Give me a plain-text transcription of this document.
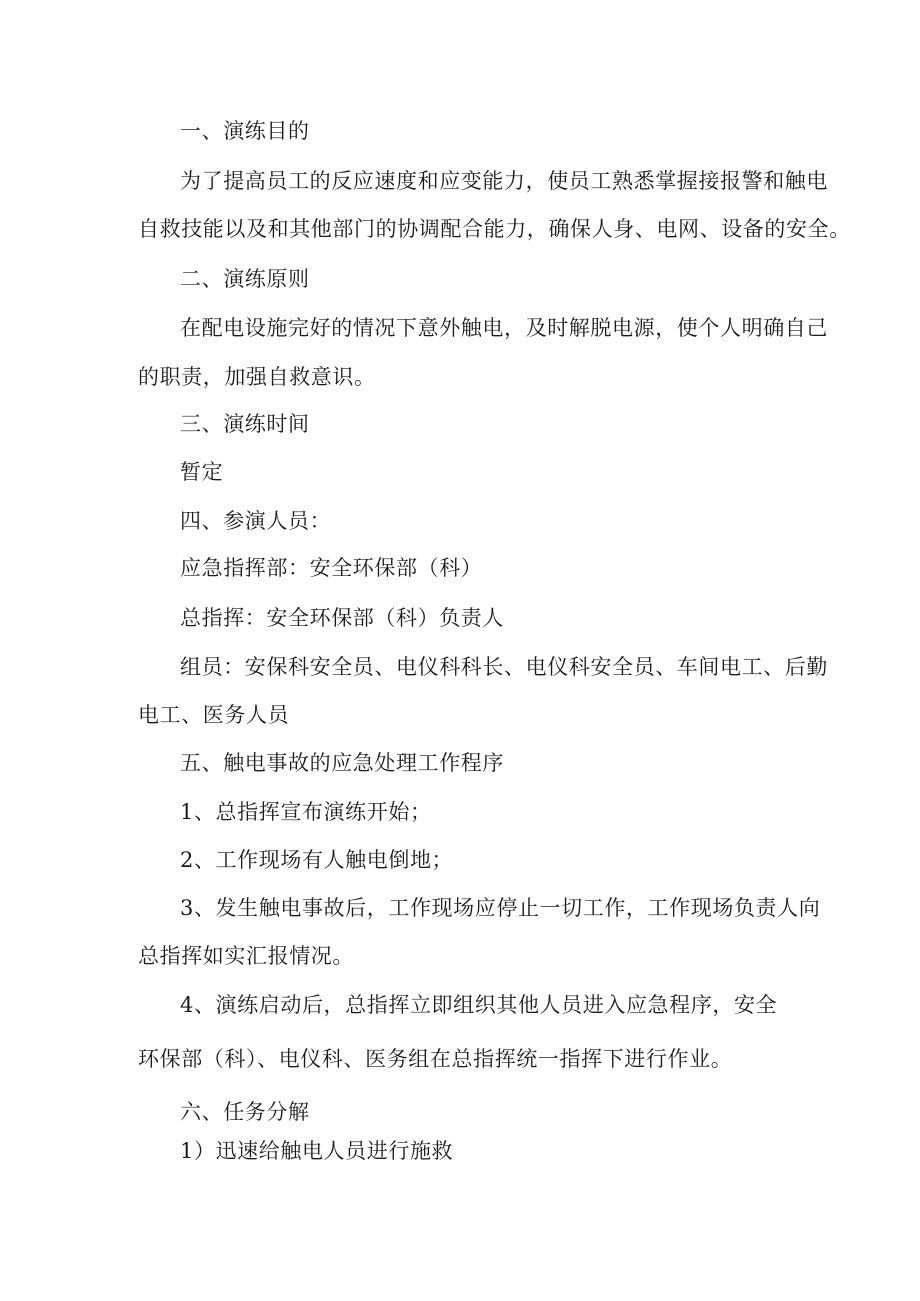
一、演练目的
为了提高员工的反应速度和应变能力，使员工熟悉掌握接报警和触电
自救技能以及和其他部门的协调配合能力，确保人身、电网、设备的安全。
二、演练原则
在配电设施完好的情况下意外触电，及时解脱电源，使个人明确自己
的职责，加强自救意识。
三、演练时间
暂定
四、参演人员：
应急指挥部：安全环保部（科）
总指挥：安全环保部（科）负责人
组员：安保科安全员、电仪科科长、电仪科安全员、车间电工、后勤
电工、医务人员
五、触电事故的应急处理工作程序
1、总指挥宣布演练开始；
2、工作现场有人触电倒地；
3、发生触电事故后，工作现场应停止一切工作，工作现场负责人向
总指挥如实汇报情况。
4、演练启动后，总指挥立即组织其他人员进入应急程序，安全
环保部（科）、电仪科、医务组在总指挥统一指挥下进行作业。
六、任务分解
1）迅速给触电人员进行施救
